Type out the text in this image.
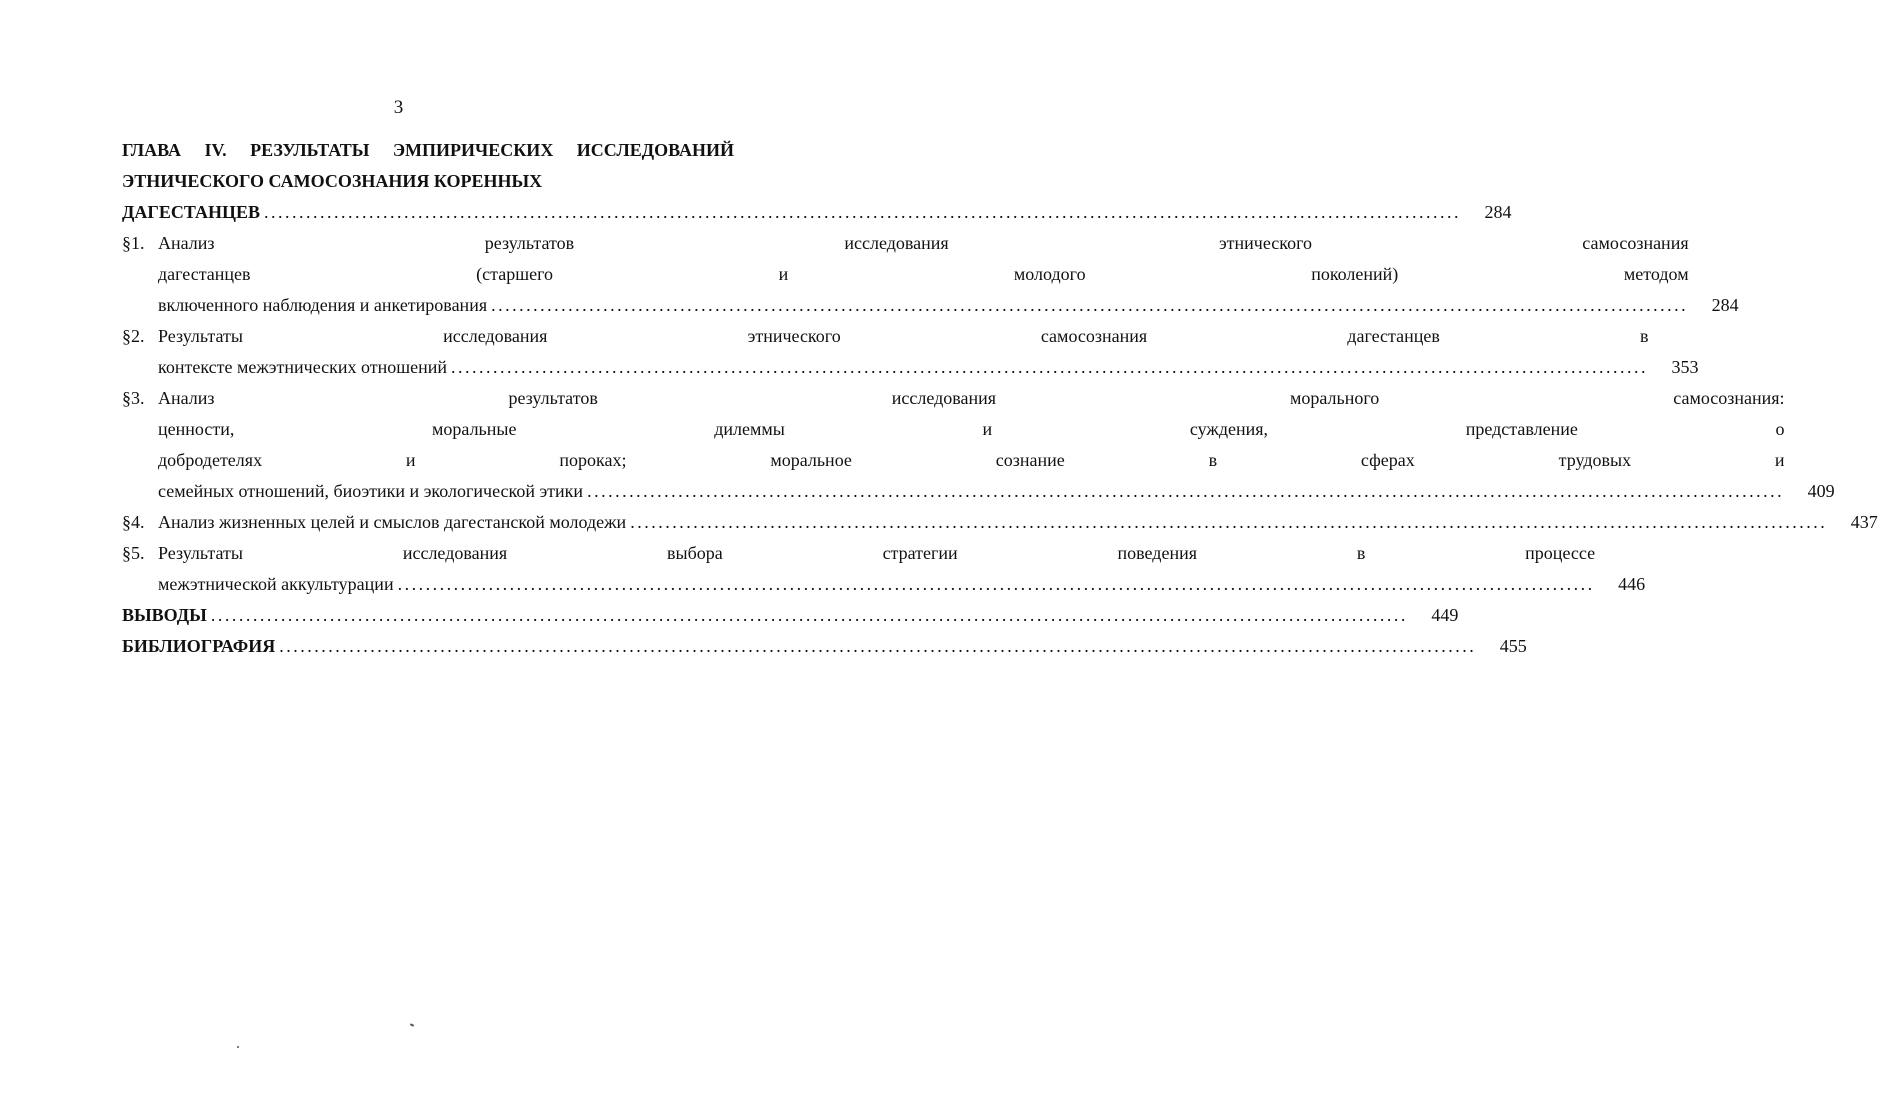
3
ГЛАВА IV. РЕЗУЛЬТАТЫ ЭМПИРИЧЕСКИХ ИССЛЕДОВАНИЙ
ЭТНИЧЕСКОГО САМОСОЗНАНИЯ КОРЕННЫХ
ДАГЕСТАНЦЕВ . . .	284
§1. Анализ результатов исследования этнического самосознания
дагестанцев (старшего и молодого поколений) методом
включенного наблюдения и анкетирования . . .	284
§2. Результаты исследования этнического самосознания дагестанцев в
контексте межэтнических отношений . . .	353
§3. Анализ результатов исследования морального самосознания:
ценности, моральные дилеммы и суждения, представление о
добродетелях и пороках; моральное сознание в сферах трудовых и
семейных отношений, биоэтики и экологической этики . . .	409
§4. Анализ жизненных целей и смыслов дагестанской молодежи . . .	437
§5. Результаты исследования выбора стратегии поведения в процессе
межэтнической аккультурации . . .	446
ВЫВОДЫ . . .	449
БИБЛИОГРАФИЯ . . .	455
